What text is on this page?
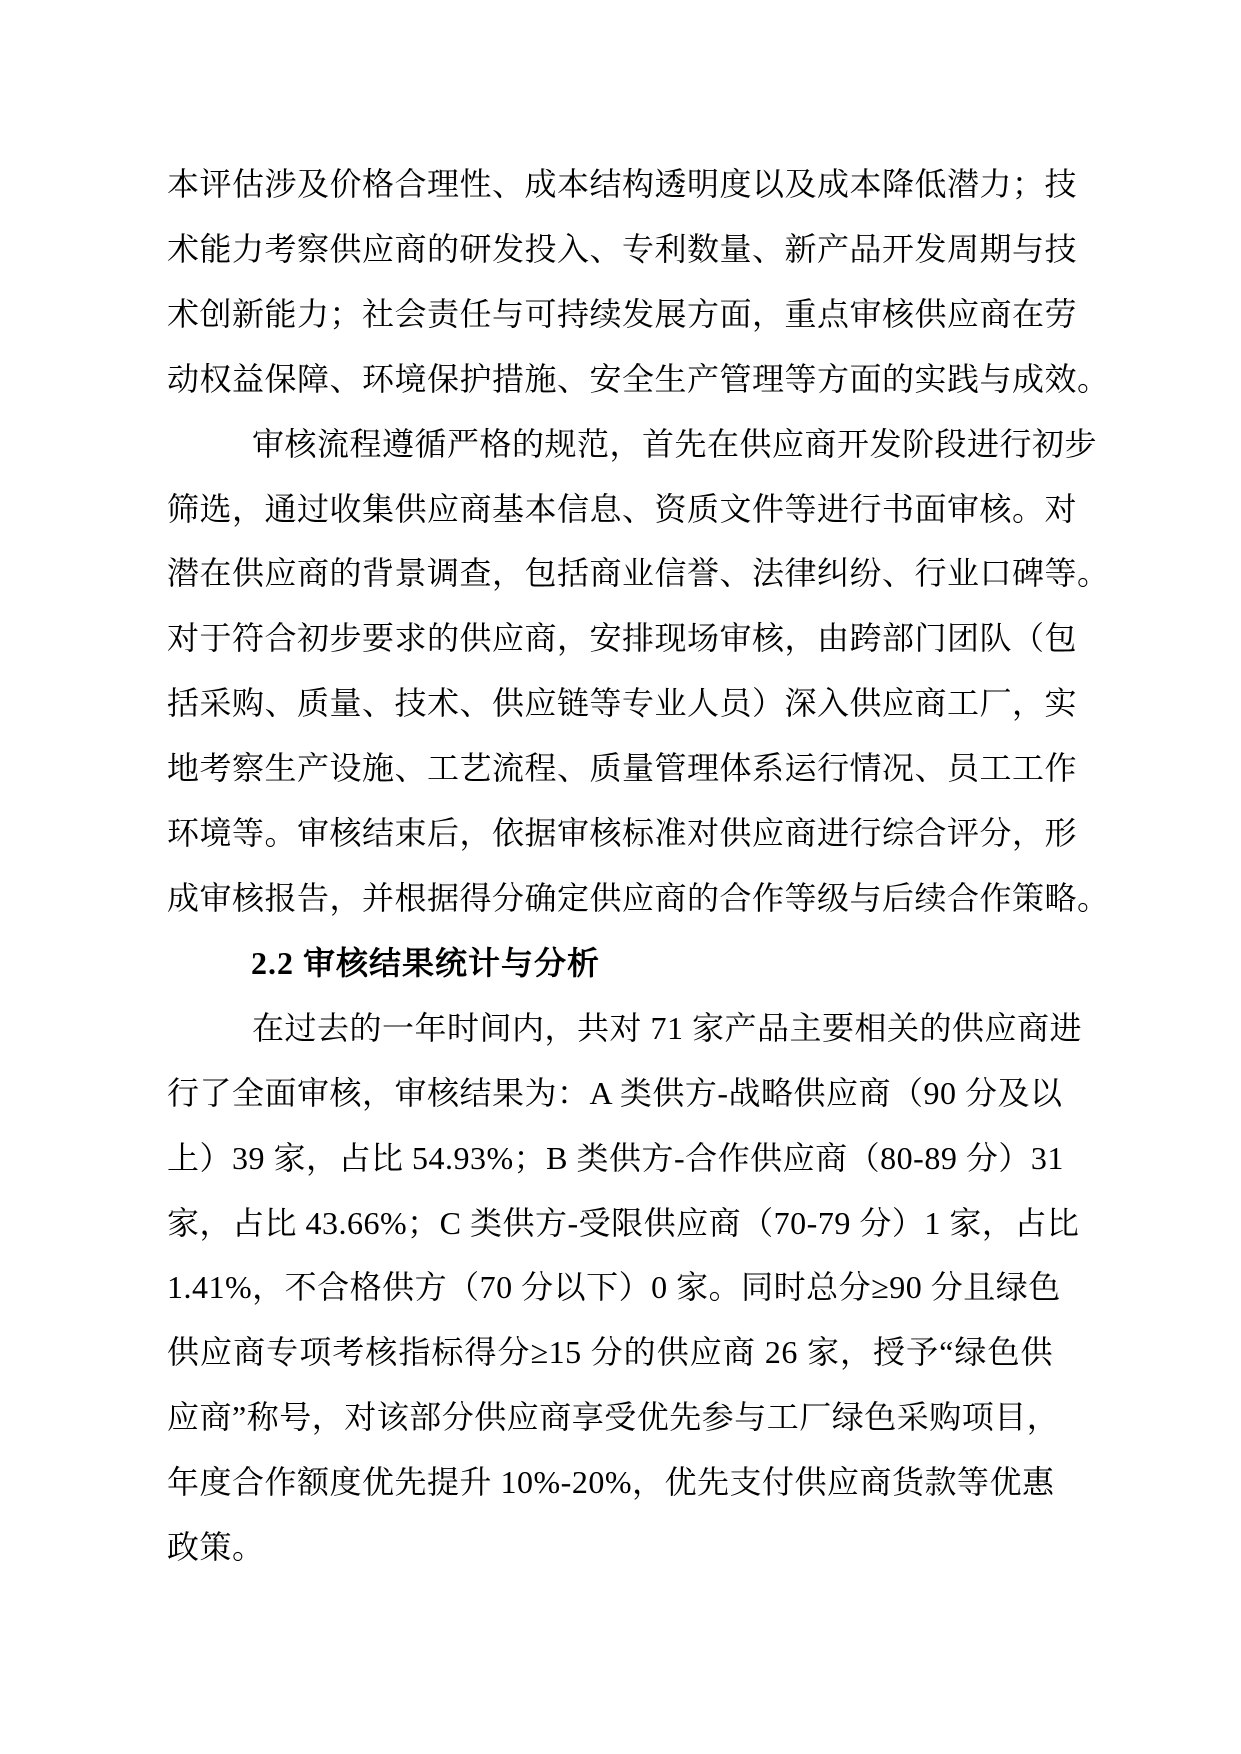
本评估涉及价格合理性、成本结构透明度以及成本降低潜力；技
术能力考察供应商的研发投入、专利数量、新产品开发周期与技
术创新能力；社会责任与可持续发展方面，重点审核供应商在劳
动权益保障、环境保护措施、安全生产管理等方面的实践与成效。
审核流程遵循严格的规范，首先在供应商开发阶段进行初步
筛选，通过收集供应商基本信息、资质文件等进行书面审核。对
潜在供应商的背景调查，包括商业信誉、法律纠纷、行业口碑等。
对于符合初步要求的供应商，安排现场审核，由跨部门团队（包
括采购、质量、技术、供应链等专业人员）深入供应商工厂，实
地考察生产设施、工艺流程、质量管理体系运行情况、员工工作
环境等。审核结束后，依据审核标准对供应商进行综合评分，形
成审核报告，并根据得分确定供应商的合作等级与后续合作策略。
2.2 审核结果统计与分析
在过去的一年时间内，共对 71 家产品主要相关的供应商进
行了全面审核，审核结果为：A 类供方-战略供应商（90 分及以
上）39 家，占比 54.93%；B 类供方-合作供应商（80-89 分）31
家，占比 43.66%；C 类供方-受限供应商（70-79 分）1 家，占比
1.41%，不合格供方（70 分以下）0 家。同时总分≥90 分且绿色
供应商专项考核指标得分≥15 分的供应商 26 家，授予“绿色供
应商”称号，对该部分供应商享受优先参与工厂绿色采购项目，
年度合作额度优先提升 10%-20%，优先支付供应商货款等优惠
政策。
